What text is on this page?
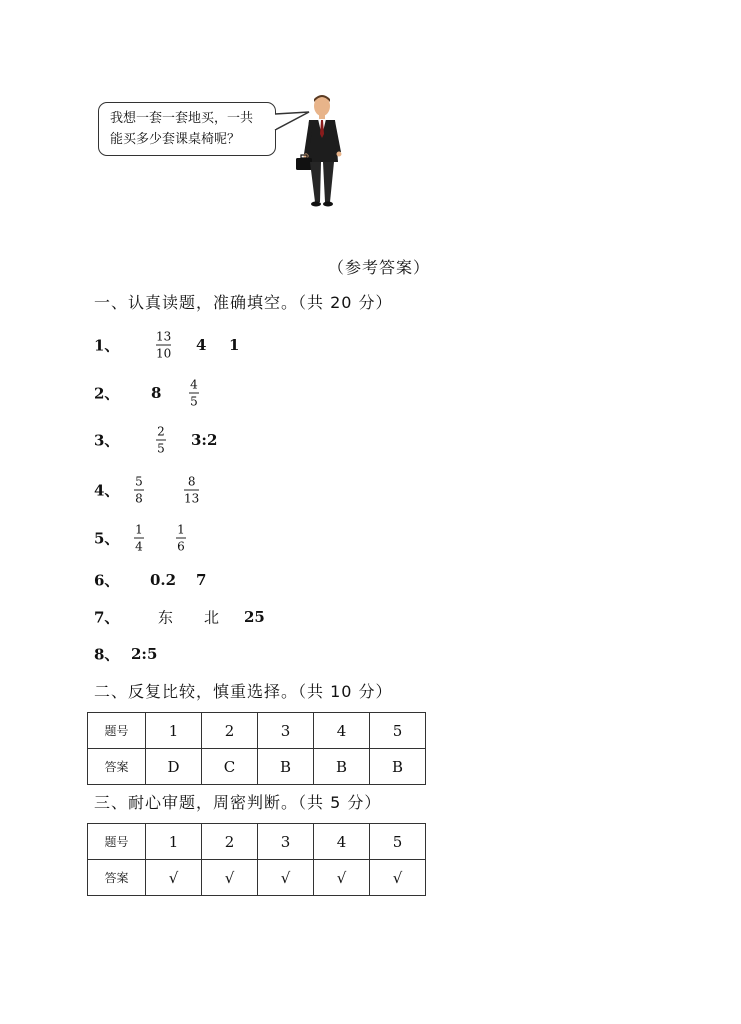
我想一套一套地买，一共
能买多少套课桌椅呢？
（参考答案）
一、认真读题，准确填空。（共 20 分）
1、	13
10 4 1
2、 8 4
5
3、	2
5 3:2
4、 5
8
8
13
5、 1
4
1
6
6、 0.2 7
7、	东 北 25
8、 2:5
二、反复比较，慎重选择。（共 10 分）
题号	1	2	3	4	5
答案	D	C	B	B	B
三、耐心审题，周密判断。（共 5 分）
题号	1	2	3	4	5
答案	√	√	√	√	√
